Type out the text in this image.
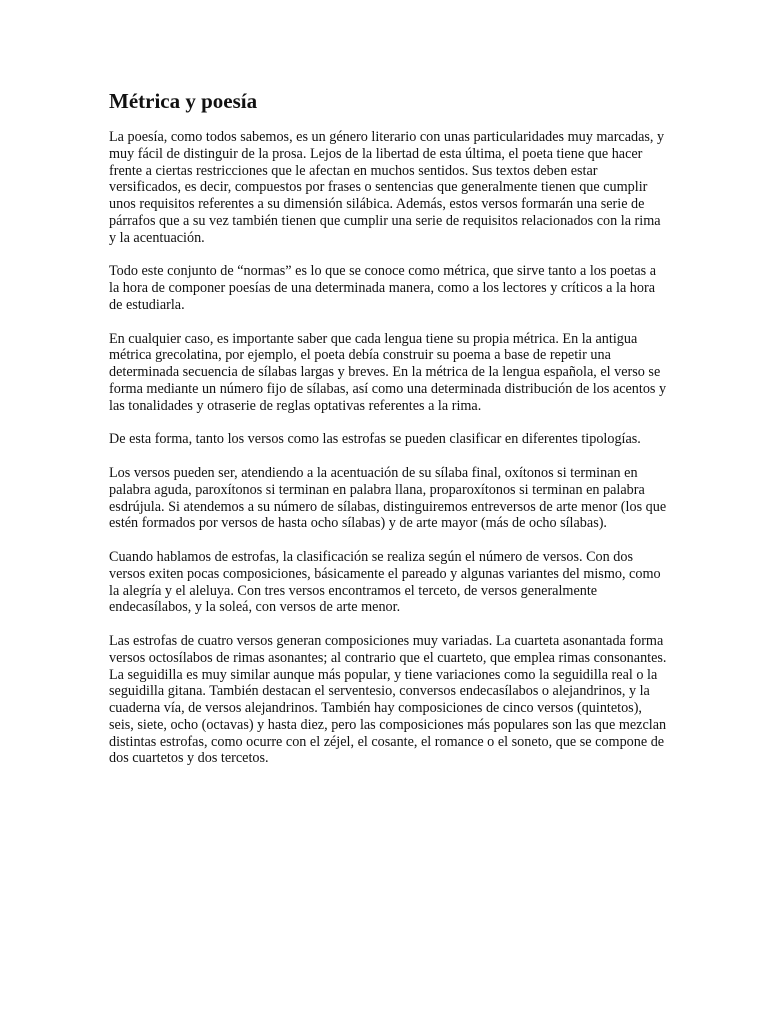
Métrica y poesía

La poesía, como todos sabemos, es un género literario con unas particularidades muy marcadas, y muy fácil de distinguir de la prosa. Lejos de la libertad de esta última, el poeta tiene que hacer frente a ciertas restricciones que le afectan en muchos sentidos. Sus textos deben estar versificados, es decir, compuestos por frases o sentencias que generalmente tienen que cumplir unos requisitos referentes a su dimensión silábica. Además, estos versos formarán una serie de párrafos que a su vez también tienen que cumplir una serie de requisitos relacionados con la rima y la acentuación.

Todo este conjunto de “normas” es lo que se conoce como métrica, que sirve tanto a los poetas a la hora de componer poesías de una determinada manera, como a los lectores y críticos a la hora de estudiarla.

En cualquier caso, es importante saber que cada lengua tiene su propia métrica. En la antigua métrica grecolatina, por ejemplo, el poeta debía construir su poema a base de repetir una determinada secuencia de sílabas largas y breves. En la métrica de la lengua española, el verso se forma mediante un número fijo de sílabas, así como una determinada distribución de los acentos y las tonalidades y otraserie de reglas optativas referentes a la rima.

De esta forma, tanto los versos como las estrofas se pueden clasificar en diferentes tipologías.

Los versos pueden ser, atendiendo a la acentuación de su sílaba final, oxítonos si terminan en palabra aguda, paroxítonos si terminan en palabra llana, proparoxítonos si terminan en palabra esdrújula. Si atendemos a su número de sílabas, distinguiremos entreversos de arte menor (los que estén formados por versos de hasta ocho sílabas) y de arte mayor (más de ocho sílabas).

Cuando hablamos de estrofas, la clasificación se realiza según el número de versos. Con dos versos exiten pocas composiciones, básicamente el pareado y algunas variantes del mismo, como la alegría y el aleluya. Con tres versos encontramos el terceto, de versos generalmente endecasílabos, y la soleá, con versos de arte menor.

Las estrofas de cuatro versos generan composiciones muy variadas. La cuarteta asonantada forma versos octosílabos de rimas asonantes; al contrario que el cuarteto, que emplea rimas consonantes. La seguidilla es muy similar aunque más popular, y tiene variaciones como la seguidilla real o la seguidilla gitana. También destacan el serventesio, conversos endecasílabos o alejandrinos, y la cuaderna vía, de versos alejandrinos. También hay composiciones de cinco versos (quintetos), seis, siete, ocho (octavas) y hasta diez, pero las composiciones más populares son las que mezclan distintas estrofas, como ocurre con el zéjel, el cosante, el romance o el soneto, que se compone de dos cuartetos y dos tercetos.
